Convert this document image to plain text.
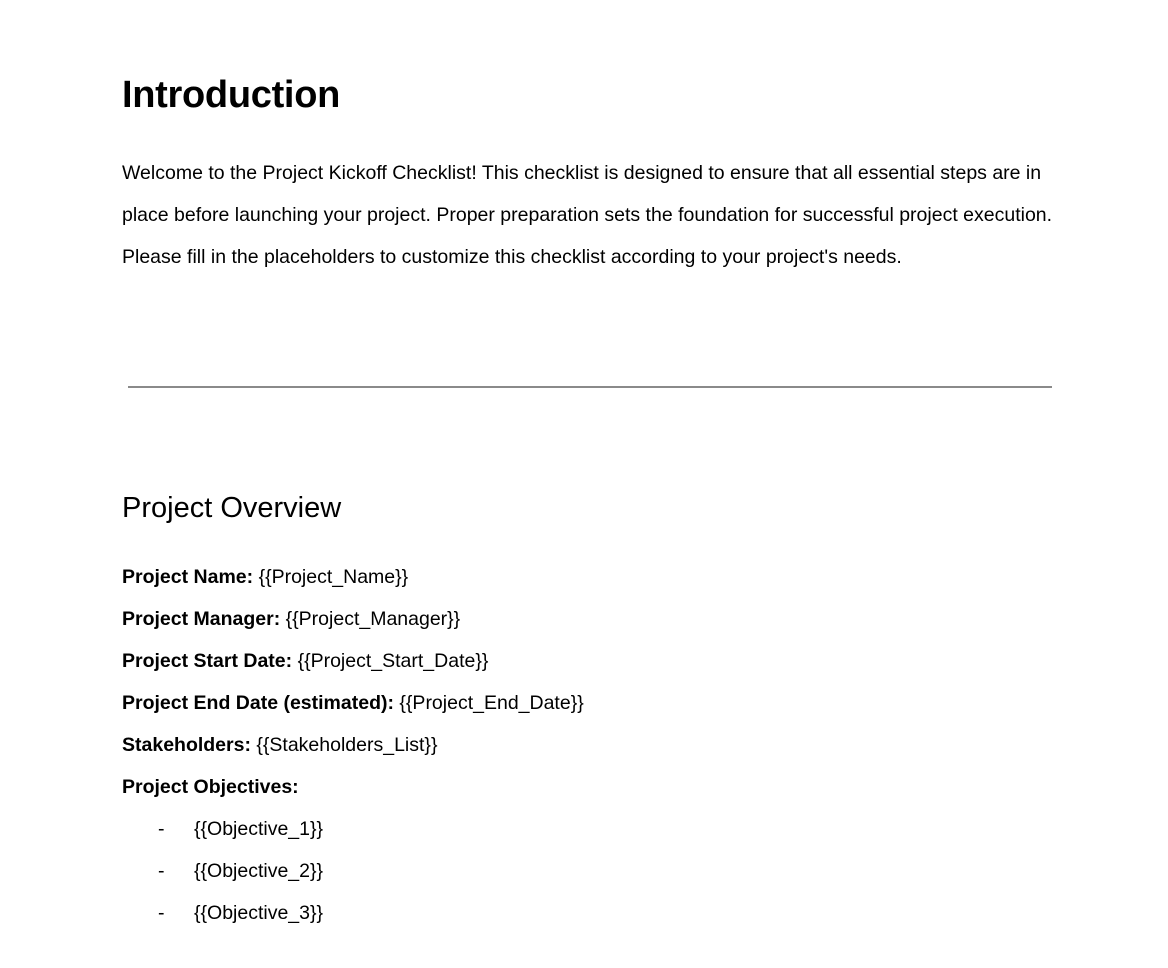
Introduction
Welcome to the Project Kickoff Checklist! This checklist is designed to ensure that all essential steps are in place before launching your project. Proper preparation sets the foundation for successful project execution. Please fill in the placeholders to customize this checklist according to your project's needs.
Project Overview
Project Name: {{Project_Name}}
Project Manager: {{Project_Manager}}
Project Start Date: {{Project_Start_Date}}
Project End Date (estimated): {{Project_End_Date}}
Stakeholders: {{Stakeholders_List}}
Project Objectives:
-	{{Objective_1}}
-	{{Objective_2}}
-	{{Objective_3}}
